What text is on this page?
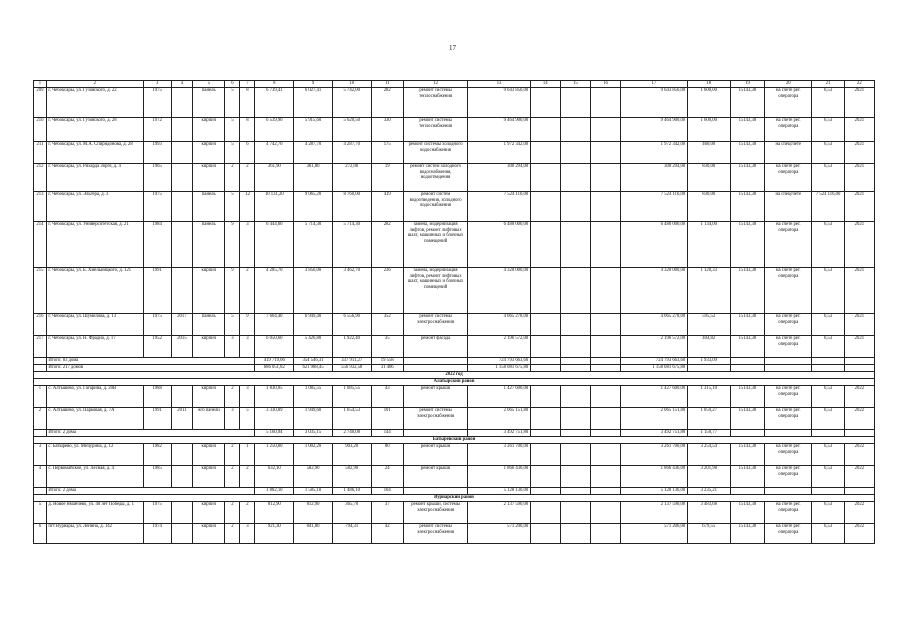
17
1	2	3	4	5	6	7	8	9	10	11	12	13	14	15	16	17	18	19	20	21	22
209	г. Чебоксары, ул. Гузовского, д. 22	1975		панель	5	8	6 739,41	6 027,41	5 742,00	282	ремонт системы теплоснабжения	9 643 856,00				9 643 856,00	1 600,00	15143,38	на счете рег. оператора	6,53	2021
210	г. Чебоксары, ул. Гузовского, д. 28	1972		кирпич	5	8	6 539,90	5 915,60	5 620,50	330	ремонт системы теплоснабжения	9 464 900,00				9 464 900,00	1 600,00	15143,38	на счете рег. оператора	6,53	2021
211	г. Чебоксары, ул. М.А. Спиридонова, д. 28	1993		кирпич	5	6	4 742,70	4 287,70	4 287,70	175	ремонт системы холодного водоснабжения	1 972 342,00				1 972 342,00	460,00	15143,38	на спецсчете	6,53	2021
212	г. Чебоксары, ул. Рихарда Зорге, д. 4	1965		кирпич	2	2	361,90	361,80	272,00	19	ремонт систем холодного водоснабжения, водоотведения	300 294,00				300 294,00	830,00	15143,38	на счете рег. оператора	6,53	2021
213	г. Чебоксары, ул. Эльгера, д. 3	1975		панель	5	12	10 131,20	9 065,20	8 760,00	419	ремонт систем водоотведения, холодного водоснабжения	7 524 116,00				7 524 116,00	830,00	15143,38	на спецсчете	7 524 116,00	2021
214	г. Чебоксары, ул. Университетская, д. 21	1984		панель	9	3	6 444,00	5 714,30	5 714,30	282	замена, модернизация лифтов, ремонт лифтовых шахт, машинных и блочных помещений	6 480 000,00				6 480 000,00	1 134,00	15143,38	на счете рег. оператора	6,53	2021
215	г. Чебоксары, ул. Б. Хмельницкого, д. 121	1991		кирпич	9	2	4 285,70	3 856,00	3 462,70	236	замена, модернизация лифтов, ремонт лифтовых шахт, машинных и блочных помещений	4 320 000,00				4 320 000,00	1 120,33	15143,38	на счете рег. оператора	6,53	2021
216	г. Чебоксары, ул. Шумилова, д. 13	1975	2017	панель	5	9	7 604,40	6 949,40	6 556,90	352	ремонт системы электроснабжения	4 065 278,00				4 065 278,00	595,52	15143,38	на счете рег. оператора	6,53	2021
217	г. Чебоксары, ул. Н. Фрадна, д. 17	1952	2015	кирпич	3	3	6 050,60	5 426,80	1 922,40	35	ремонт фасада	2 196 572,00				2 196 572,00	404,82	15143,38	на счете рег. оператора	6,53	2021
	Итого: 83 дома						419 719,06	354 546,31	337 911,27	19 558		724 793 663,60				724 793 663,60	1 933,09				
	Итого: 217 домов						686 051,82	621 988,45	556 932,58	31 406		1 158 081 675,80				1 158 081 675,80					
2022 год																					
Алатырский район																					
1	с. Алтышево, ул. Гагарина, д. 20В	1988		кирпич	2	3	1 830,05	1 085,55	1 085,55	43	ремонт крыши	1 427 600,00				1 427 600,00	1 315,10	15143,38	на счете рег. оператора	6,53	2022
2	с. Алтышево, ул. Парковая, д. 7А	1991	2011	ж/б панели	3	5	3 330,89	1 949,60	1 654,53	101	ремонт системы электроснабжения	2 065 151,80				2 065 151,80	1 059,27	15143,38	на счете рег. оператора	6,53	2022
	Итого: 2 дома						5 160,94	3 035,15	2 740,08	144		3 492 751,80				3 492 751,80	1 150,77				
Батыревский район																					
3	с. Батырево, ул. Мичурина, д. 12	1982		кирпич	2	1	1 250,00	1 002,20	903,20	80	ремонт крыши	3 261 700,00				3 261 700,00	3 254,54	15143,38	на счете рег. оператора	6,53	2022
4	с. Первомайское, ул. Лесная, д. 4	1985		кирпич	2	2	632,10	582,90	582,90	24	ремонт крыши	1 866 436,00				1 866 436,00	3 201,98	15143,38	на счете рег. оператора	6,53	2022
	Итого: 2 дома						1 882,10	1 585,10	1 486,10	104		5 128 136,00				5 128 136,00	3 235,21				
Вурнарский район																					
5	д. Новое Яманчево, ул. 40 лет Победы, д. 1	1975		кирпич	2	2	812,90	812,90	365,70	37	ремонт крыши, системы электроснабжения	2 137 590,00				2 137 590,00	3 483,68	15143,38	на счете рег. оператора	6,53	2022
6	пгт Вурнары, ул. Ленина, д. 142	1974		кирпич	2	3	921,30	841,80	794,31	42	ремонт системы электроснабжения	571 206,00				571 206,00	679,55	15143,38	на счете рег. оператора	6,53	2022
